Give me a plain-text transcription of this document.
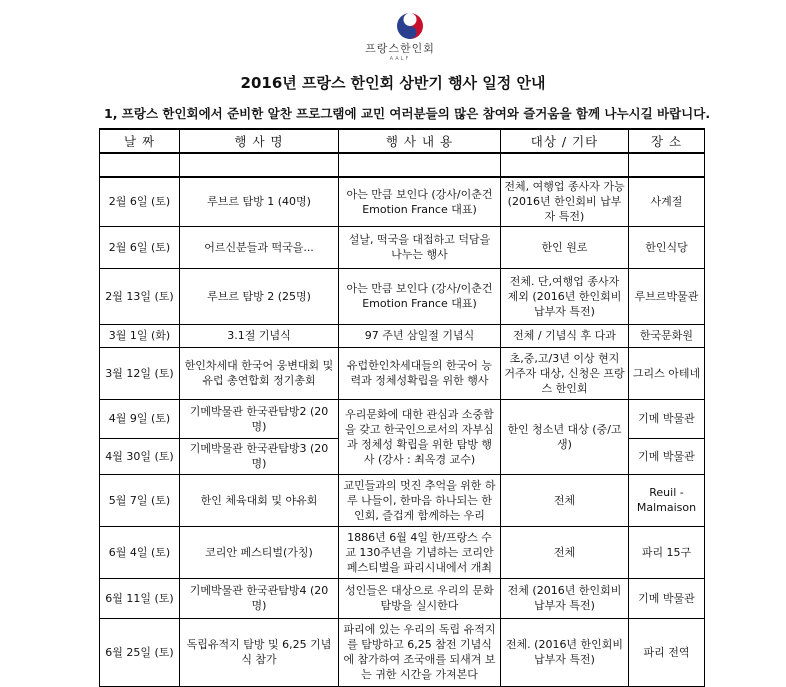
프랑스한인회
AALF
2016년 프랑스 한인회 상반기 행사 일정 안내
1, 프랑스 한인회에서 준비한 알찬 프로그램에 교민 여러분들의 많은 참여와 즐거움을 함께 나누시길 바랍니다.
날 짜	행 사 명	행 사 내 용	대상 / 기타	장 소

2월 6일 (토)	루브르 탐방 1 (40명)	아는 만큼 보인다 (강사/이춘건 Emotion France 대표)	전체, 여행업 종사자 가능 (2016년 한인회비 납부자 특전)	사계절
2월 6일 (토)	어르신분들과 떡국을...	설날, 떡국을 대접하고 덕담을 나누는 행사	한인 원로	한인식당
2월 13일 (토)	루브르 탐방 2 (25명)	아는 만큼 보인다 (강사/이춘건 Emotion France 대표)	전체. 단,여행업 종사자 제외 (2016년 한인회비 납부자 특전)	루브르박물관
3월 1일 (화)	3.1절 기념식	97 주년 삼일절 기념식	전체 / 기념식 후 다과	한국문화원
3월 12일 (토)	한인차세대 한국어 웅변대회 및 유럽 총연합회 정기총회	유럽한인차세대들의 한국어 능력과 정체성확립을 위한 행사	초,중,고/3년 이상 현지 거주자 대상, 신청은 프랑스 한인회	그리스 아테네
4월 9일 (토)	기메박물관 한국관탐방2 (20명)	우리문화에 대한 관심과 소중함을 갖고 한국인으로서의 자부심과 정체성 확립을 위한 탐방 행사 (강사 : 최옥경 교수)	한인 청소년 대상 (중/고생)	기메 박물관
4월 30일 (토)	기메박물관 한국관탐방3 (20명)			기메 박물관
5월 7일 (토)	한인 체육대회 및 야유회	교민들과의 멋진 추억을 위한 하루 나들이, 한마음 하나되는 한인회, 즐겁게 함께하는 우리	전체	Reuil - Malmaison
6월 4일 (토)	코리안 페스티벌(가칭)	1886년 6월 4일 한/프랑스 수교 130주년을 기념하는 코리안 페스티벌을 파리시내에서 개최	전체	파리 15구
6월 11일 (토)	기메박물관 한국관탐방4 (20명)	성인들은 대상으로 우리의 문화 탐방을 실시한다	전체 (2016년 한인회비 납부자 특전)	기메 박물관
6월 25일 (토)	독립유적지 탐방 및 6,25 기념식 참가	파리에 있는 우리의 독립 유적지를 탐방하고 6,25 참전 기념식에 참가하여 조국애를 되새겨 보는 귀한 시간을 가져본다	전체. (2016년 한인회비 납부자 특전)	파리 전역
